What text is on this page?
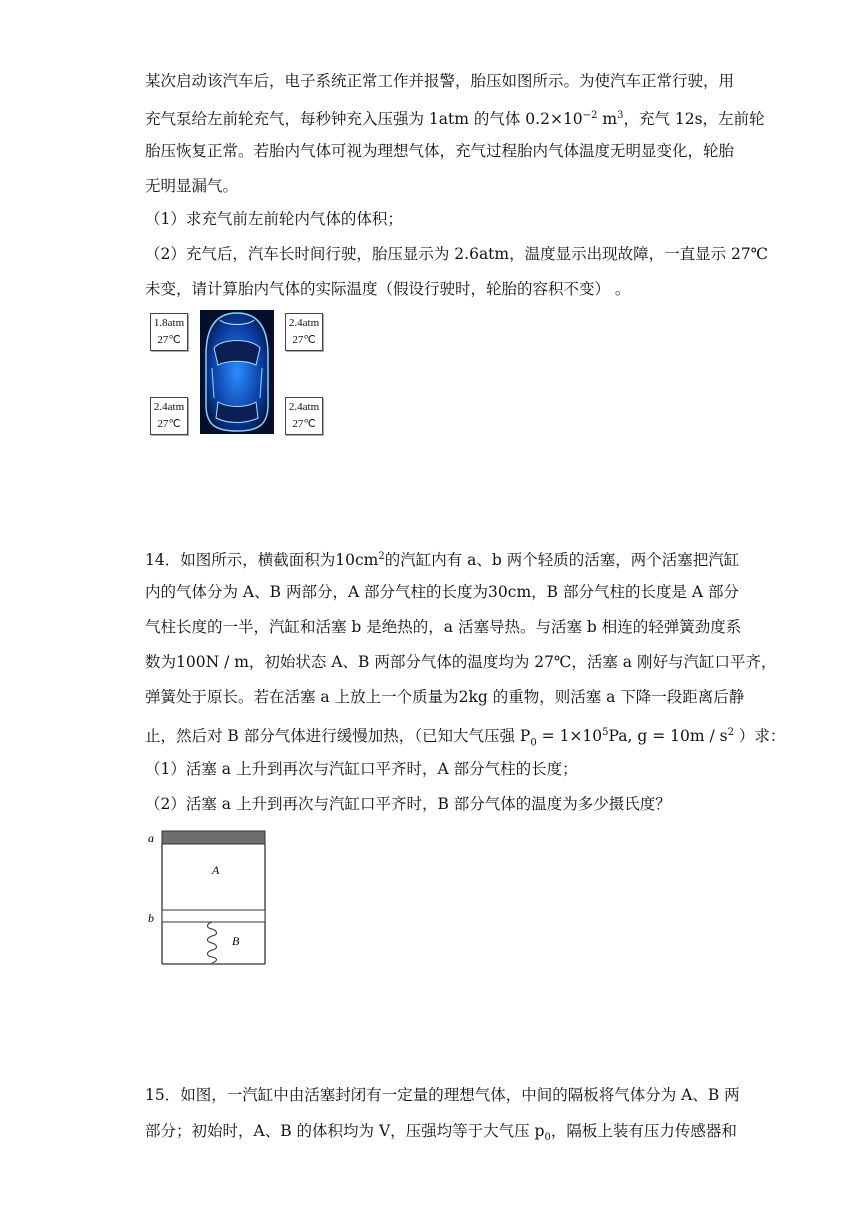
某次启动该汽车后，电子系统正常工作并报警，胎压如图所示。为使汽车正常行驶，用
充气泵给左前轮充气，每秒钟充入压强为 1atm 的气体 $0.2\times 10^{-2}$ $m^3$，充气 12s，左前轮
胎压恢复正常。若胎内气体可视为理想气体，充气过程胎内气体温度无明显变化，轮胎
无明显漏气。
（1）求充气前左前轮内气体的体积；
（2）充气后，汽车长时间行驶，胎压显示为 2.6atm，温度显示出现故障，一直显示 27℃
未变，请计算胎内气体的实际温度（假设行驶时，轮胎的容积不变） 。
1.8atm
27℃
2.4atm
27℃
2.4atm
27℃
2.4atm
27℃
14．如图所示，横截面积为$10cm^2$的汽缸内有 a、b 两个轻质的活塞，两个活塞把汽缸
内的气体分为 A、B 两部分，A 部分气柱的长度为30cm，B 部分气柱的长度是 A 部分
气柱长度的一半，汽缸和活塞 b 是绝热的，a 活塞导热。与活塞 b 相连的轻弹簧劲度系
数为100N / m，初始状态 A、B 两部分气体的温度均为 27℃，活塞 a 刚好与汽缸口平齐，
弹簧处于原长。若在活塞 a 上放上一个质量为2kg 的重物，则活塞 a 下降一段距离后静
止，然后对 B 部分气体进行缓慢加热，（已知大气压强 $P_0 = 1\times 10^5Pa$, $g = 10m / s^2$ ）求：
（1）活塞 a 上升到再次与汽缸口平齐时，A 部分气柱的长度；
（2）活塞 a 上升到再次与汽缸口平齐时，B 部分气体的温度为多少摄氏度？
a
b
A
B
15．如图，一汽缸中由活塞封闭有一定量的理想气体，中间的隔板将气体分为 A、B 两
部分；初始时，A、B 的体积均为 V，压强均等于大气压 $p_0$，隔板上装有压力传感器和
